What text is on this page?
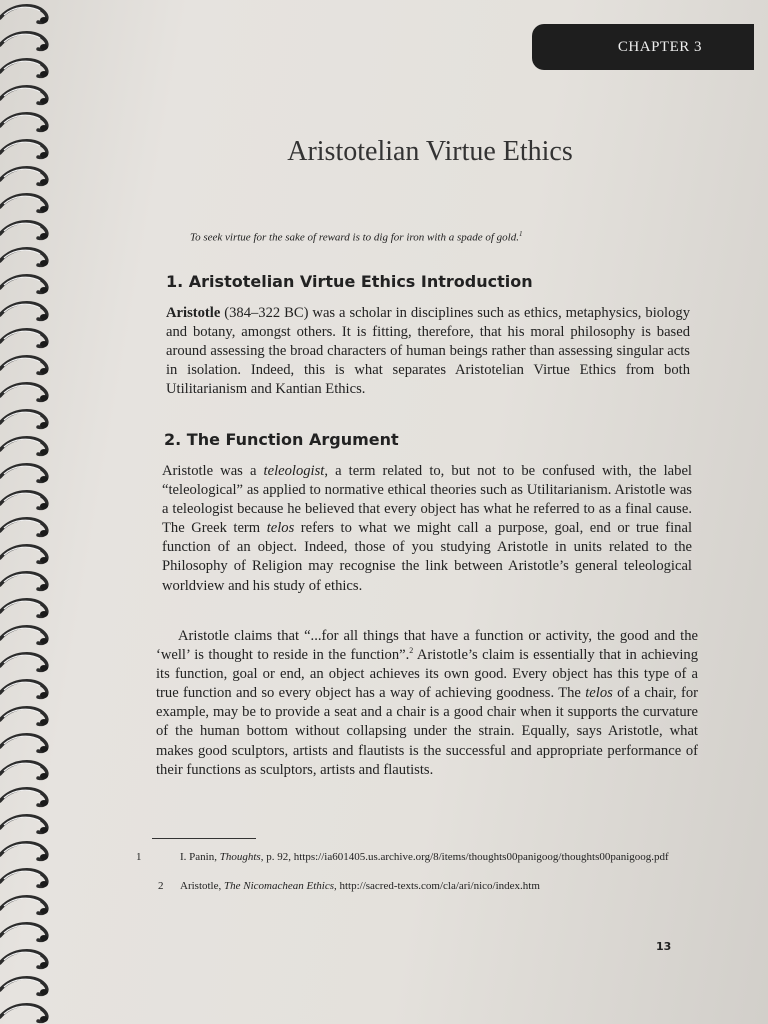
CHAPTER 3
Aristotelian Virtue Ethics
To seek virtue for the sake of reward is to dig for iron with a spade of gold.$^1$
1. Aristotelian Virtue Ethics Introduction

Aristotle (384–322 BC) was a scholar in disciplines such as ethics, metaphysics, biology and botany, amongst others. It is fitting, therefore, that his moral philosophy is based around assessing the broad characters of human beings rather than assessing singular acts in isolation. Indeed, this is what separates Aristotelian Virtue Ethics from both Utilitarianism and Kantian Ethics.

2. The Function Argument

Aristotle was a teleologist, a term related to, but not to be confused with, the label “teleological” as applied to normative ethical theories such as Utilitarianism. Aristotle was a teleologist because he believed that every object has what he referred to as a final cause. The Greek term telos refers to what we might call a purpose, goal, end or true final function of an object. Indeed, those of you studying Aristotle in units related to the Philosophy of Religion may recognise the link between Aristotle’s general teleological worldview and his study of ethics.

Aristotle claims that “...for all things that have a function or activity, the good and the ‘well’ is thought to reside in the function”.$^2$ Aristotle’s claim is essentially that in achieving its function, goal or end, an object achieves its own good. Every object has this type of a true function and so every object has a way of achieving goodness. The telos of a chair, for example, may be to provide a seat and a chair is a good chair when it supports the curvature of the human bottom without collapsing under the strain. Equally, says Aristotle, what makes good sculptors, artists and flautists is the successful and appropriate performance of their functions as sculptors, artists and flautists.

1	I. Panin, Thoughts, p. 92, https://ia601405.us.archive.org/8/items/thoughts00panigoog/thoughts00panigoog.pdf
2 Aristotle, The Nicomachean Ethics, http://sacred-texts.com/cla/ari/nico/index.htm
13
